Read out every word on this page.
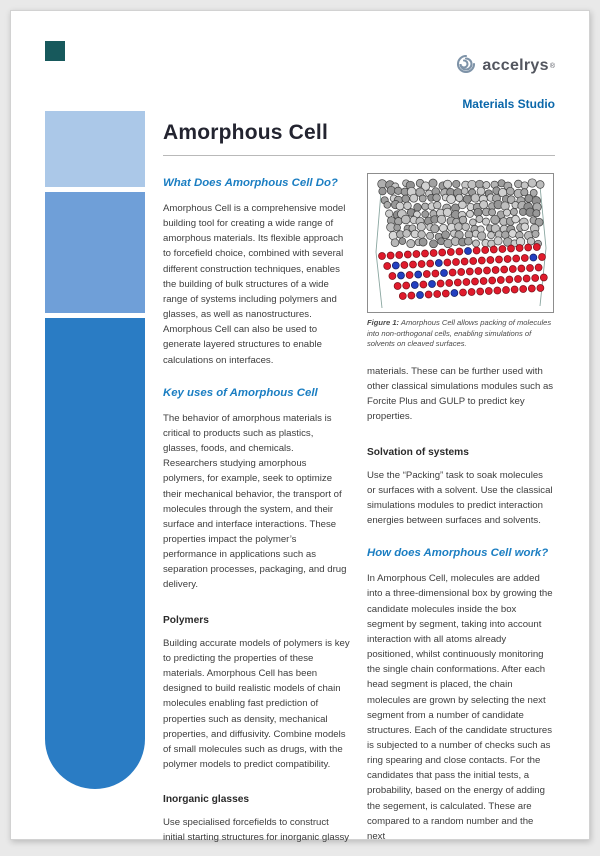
accelrys ®
Materials Studio
Amorphous Cell
What Does Amorphous Cell Do?

Amorphous Cell is a comprehensive model building tool for creating a wide range of amorphous materials. Its flexible approach to forcefield choice, combined with several different construction techniques, enables the building of bulk structures of a wide range of systems including polymers and glasses, as well as nanostructures. Amorphous Cell can also be used to generate layered structures to enable calculations on interfaces.

Key uses of Amorphous Cell

The behavior of amorphous materials is critical to products such as plastics, glasses, foods, and chemicals. Researchers studying amorphous polymers, for example, seek to optimize their mechanical behavior, the transport of molecules through the system, and their surface and interface interactions. These properties impact the polymer’s performance in applications such as separation processes, packaging, and drug delivery.

Polymers

Building accurate models of polymers is key to predicting the properties of these materials. Amorphous Cell has been designed to build realistic models of chain molecules enabling fast prediction of properties such as density, mechanical properties, and diffusivity. Combine models of small molecules such as drugs, with the polymer models to predict compatibility.

Inorganic glasses

Use specialised forcefields to construct initial starting structures for inorganic glassy

Figure 1: Amorphous Cell allows packing of molecules into non-orthogonal cells, enabling simulations of solvents on cleaved surfaces.

materials. These can be further used with other classical simulations modules such as Forcite Plus and GULP to predict key properties.

Solvation of systems

Use the “Packing” task to soak molecules or surfaces with a solvent. Use the classical simulations modules to predict interaction energies between surfaces and solvents.

How does Amorphous Cell work?

In Amorphous Cell, molecules are added into a three-dimensional box by growing the candidate molecules inside the box segment by segment, taking into account interaction with all atoms already positioned, whilst continuously monitoring the single chain conformations. After each head segment is placed, the chain molecules are grown by selecting the next segment from a number of candidate structures. Each of the candidate structures is subjected to a number of checks such as ring spearing and close contacts. For the candidates that pass the initial tests, a probability, based on the energy of adding the segement, is calculated. These are compared to a random number and the next
